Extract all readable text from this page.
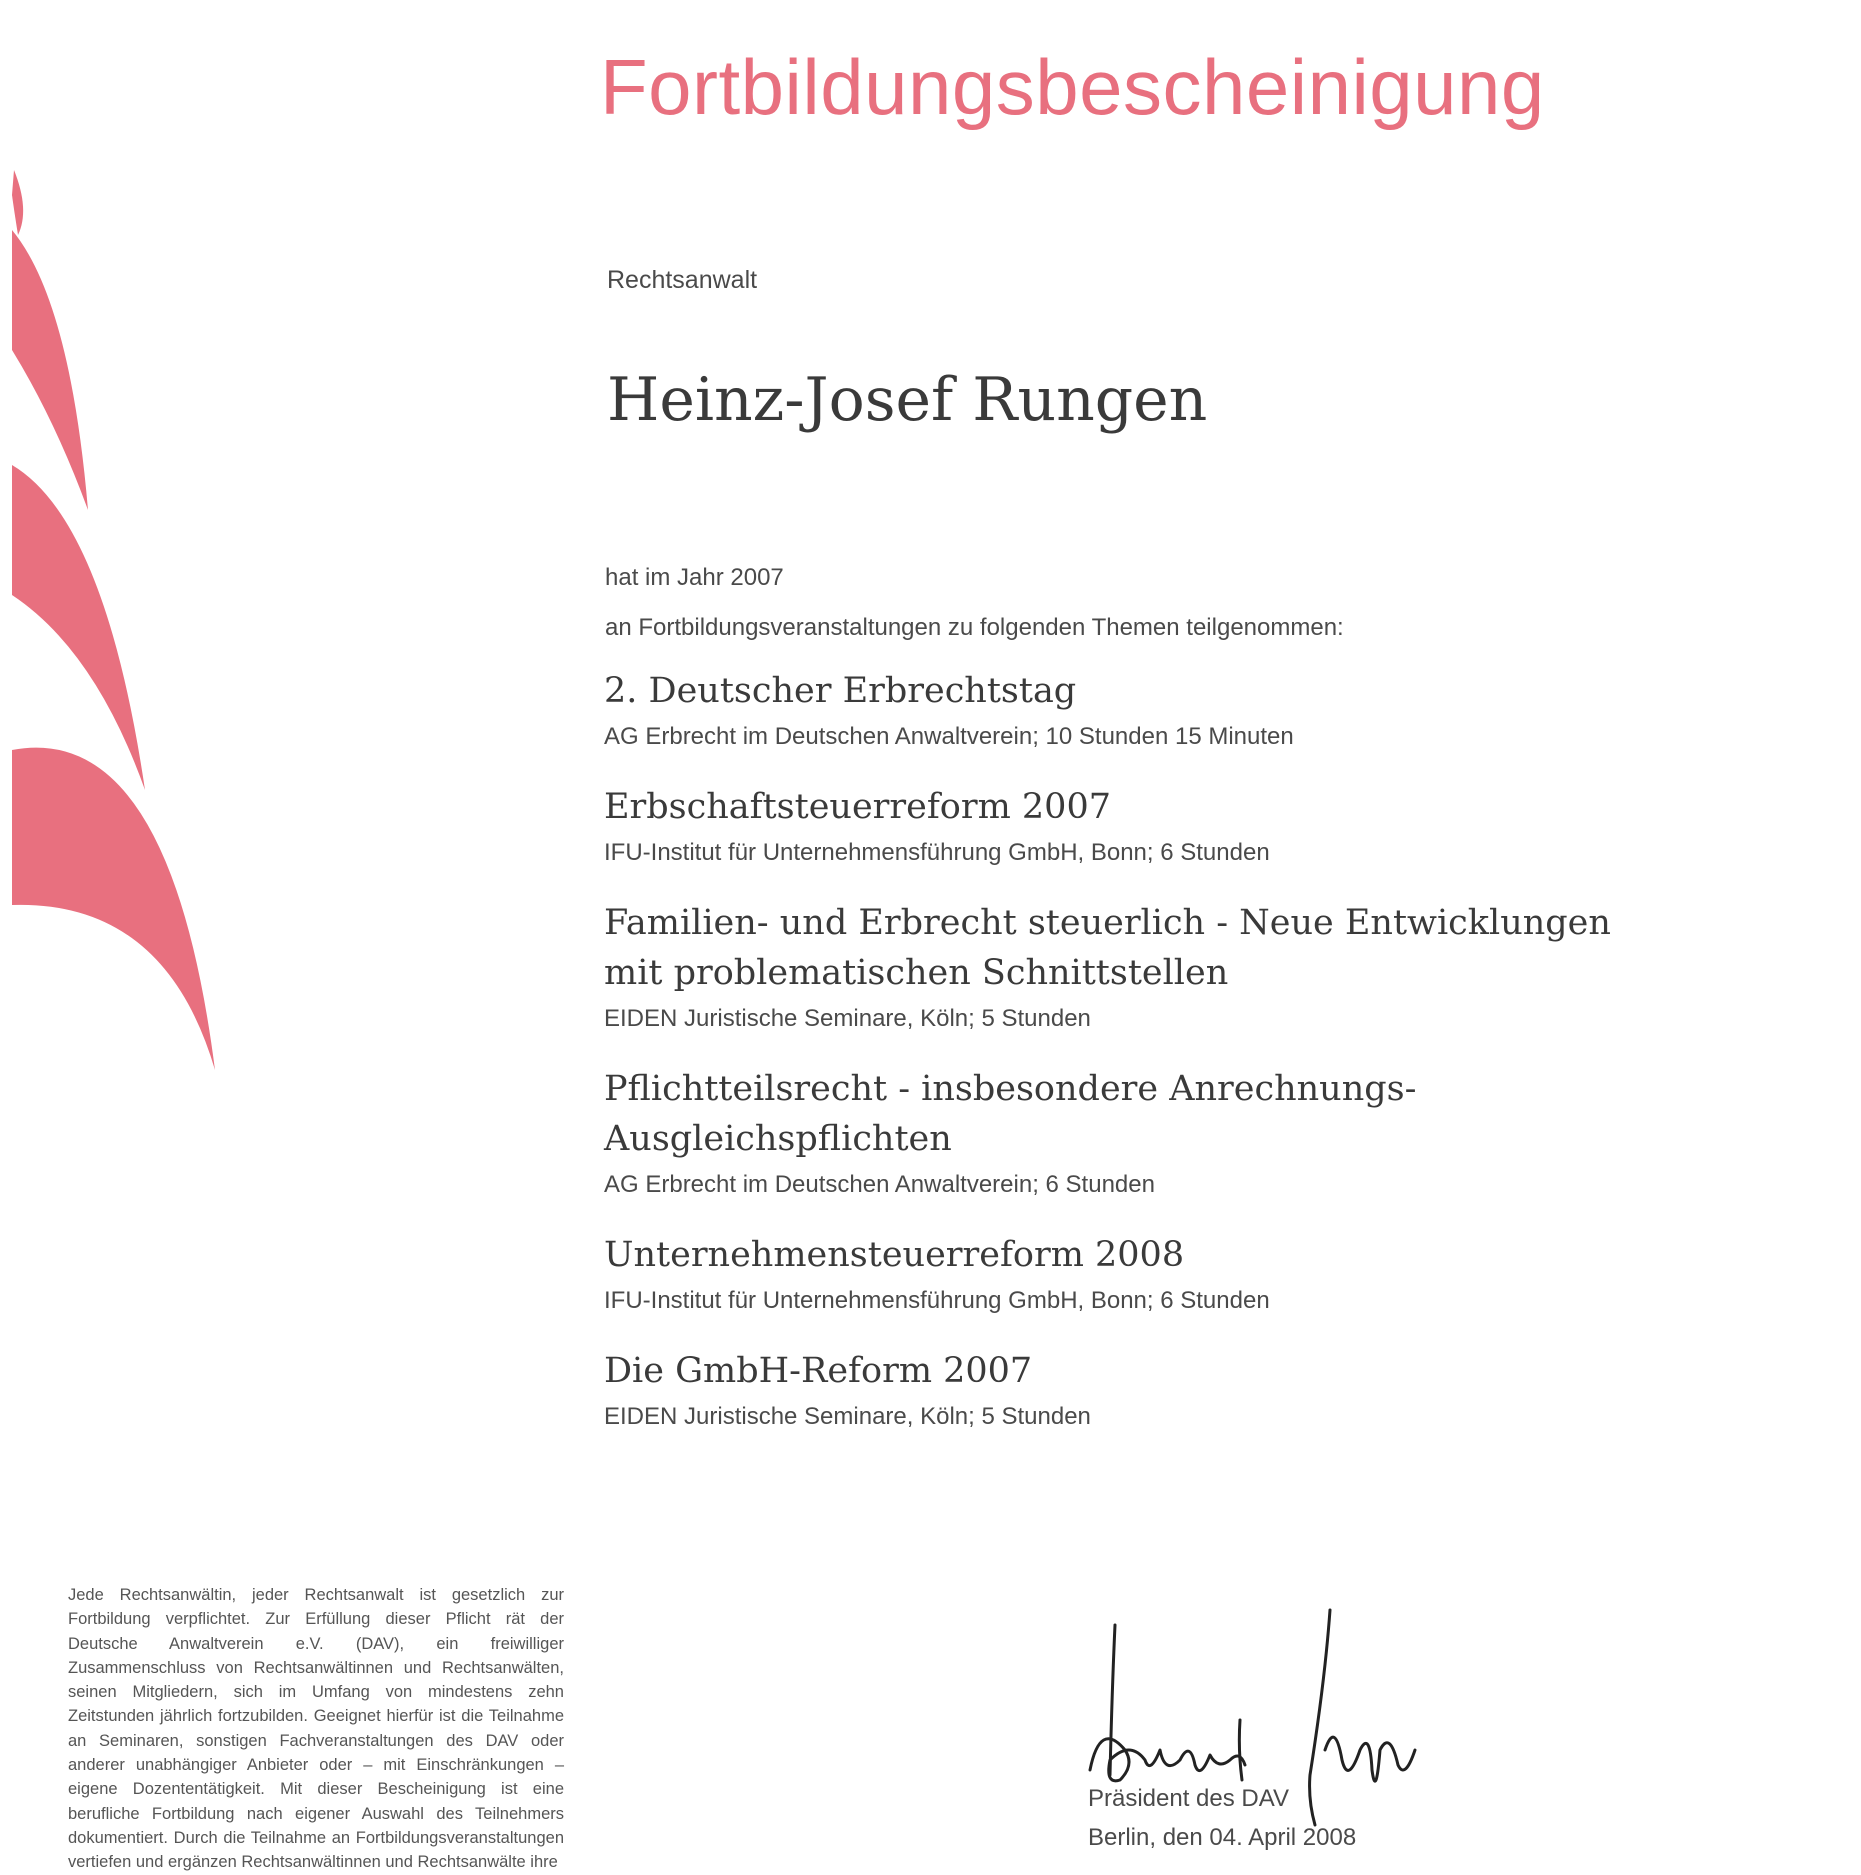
Fortbildungsbescheinigung
Rechtsanwalt
Heinz-Josef Rungen
hat im Jahr 2007
an Fortbildungsveranstaltungen zu folgenden Themen teilgenommen:
2. Deutscher Erbrechtstag
AG Erbrecht im Deutschen Anwaltverein; 10 Stunden 15 Minuten
Erbschaftsteuerreform 2007
IFU-Institut für Unternehmensführung GmbH, Bonn; 6 Stunden
Familien- und Erbrecht steuerlich - Neue Entwicklungen mit problematischen Schnittstellen
EIDEN Juristische Seminare, Köln; 5 Stunden
Pflichtteilsrecht - insbesondere Anrechnungs-Ausgleichspflichten
AG Erbrecht im Deutschen Anwaltverein; 6 Stunden
Unternehmensteuerreform 2008
IFU-Institut für Unternehmensführung GmbH, Bonn; 6 Stunden
Die GmbH-Reform 2007
EIDEN Juristische Seminare, Köln; 5 Stunden
Jede Rechtsanwältin, jeder Rechtsanwalt ist gesetzlich zur Fortbildung verpflichtet. Zur Erfüllung dieser Pflicht rät der Deutsche Anwaltverein e.V. (DAV), ein freiwilliger Zusammenschluss von Rechtsanwältinnen und Rechtsanwälten, seinen Mitgliedern, sich im Umfang von mindestens zehn Zeitstunden jährlich fortzubilden. Geeignet hierfür ist die Teilnahme an Seminaren, sonstigen Fachveranstaltungen des DAV oder anderer unabhängiger Anbieter oder – mit Einschränkungen – eigene Dozententätigkeit. Mit dieser Bescheinigung ist eine berufliche Fortbildung nach eigener Auswahl des Teilnehmers dokumentiert. Durch die Teilnahme an Fortbildungsveranstaltungen vertiefen und ergänzen Rechtsanwältinnen und Rechtsanwälte ihre
Präsident des DAV
Berlin, den 04. April 2008
